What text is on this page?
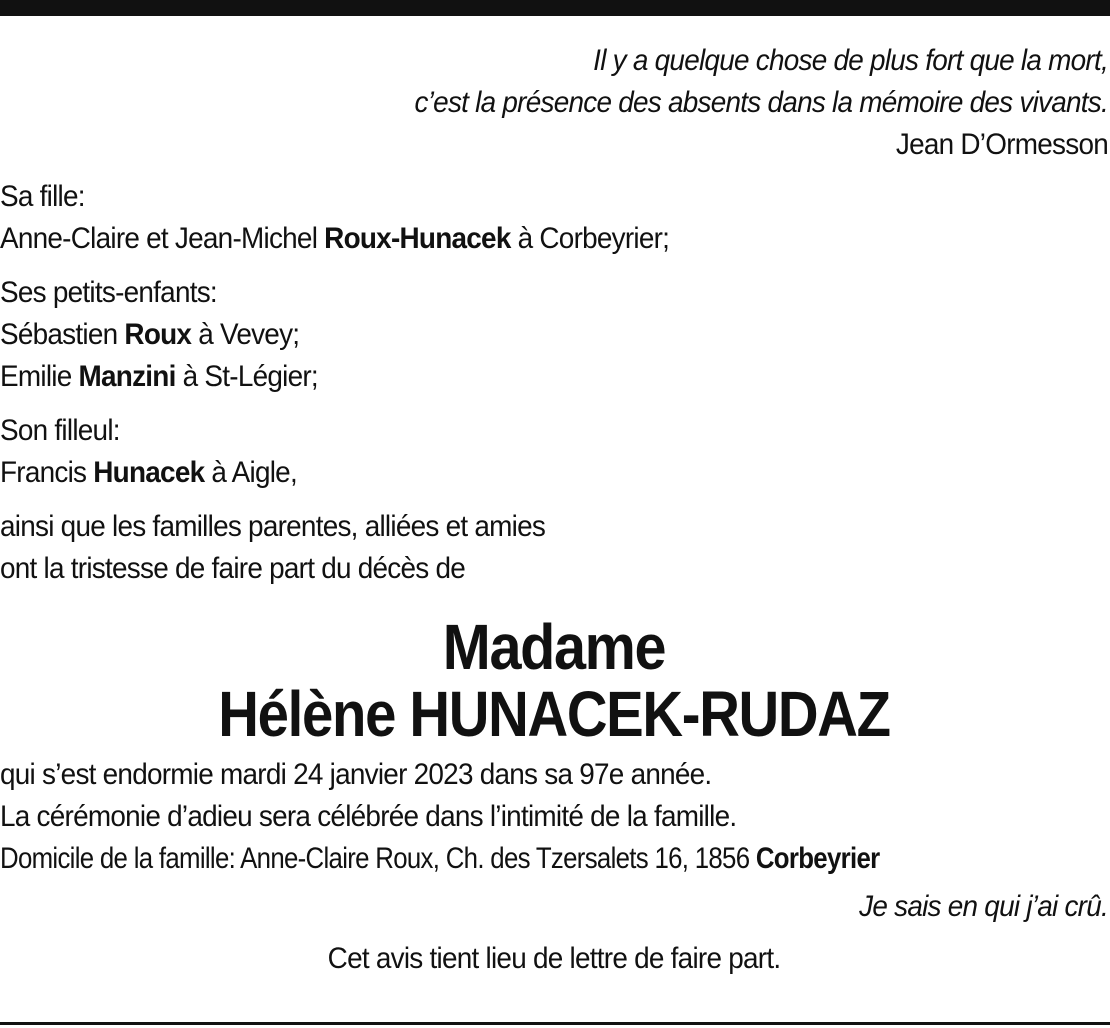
Il y a quelque chose de plus fort que la mort,
c’est la présence des absents dans la mémoire des vivants.
Jean D’Ormesson
Sa fille:
Anne-Claire et Jean-Michel Roux-Hunacek à Corbeyrier;
Ses petits-enfants:
Sébastien Roux à Vevey;
Emilie Manzini à St-Légier;
Son filleul:
Francis Hunacek à Aigle,
ainsi que les familles parentes, alliées et amies
ont la tristesse de faire part du décès de
Madame
Hélène HUNACEK-RUDAZ
qui s’est endormie mardi 24 janvier 2023 dans sa 97e année.
La cérémonie d’adieu sera célébrée dans l’intimité de la famille.
Domicile de la famille: Anne-Claire Roux, Ch. des Tzersalets 16, 1856 Corbeyrier
Je sais en qui j’ai crû.
Cet avis tient lieu de lettre de faire part.
